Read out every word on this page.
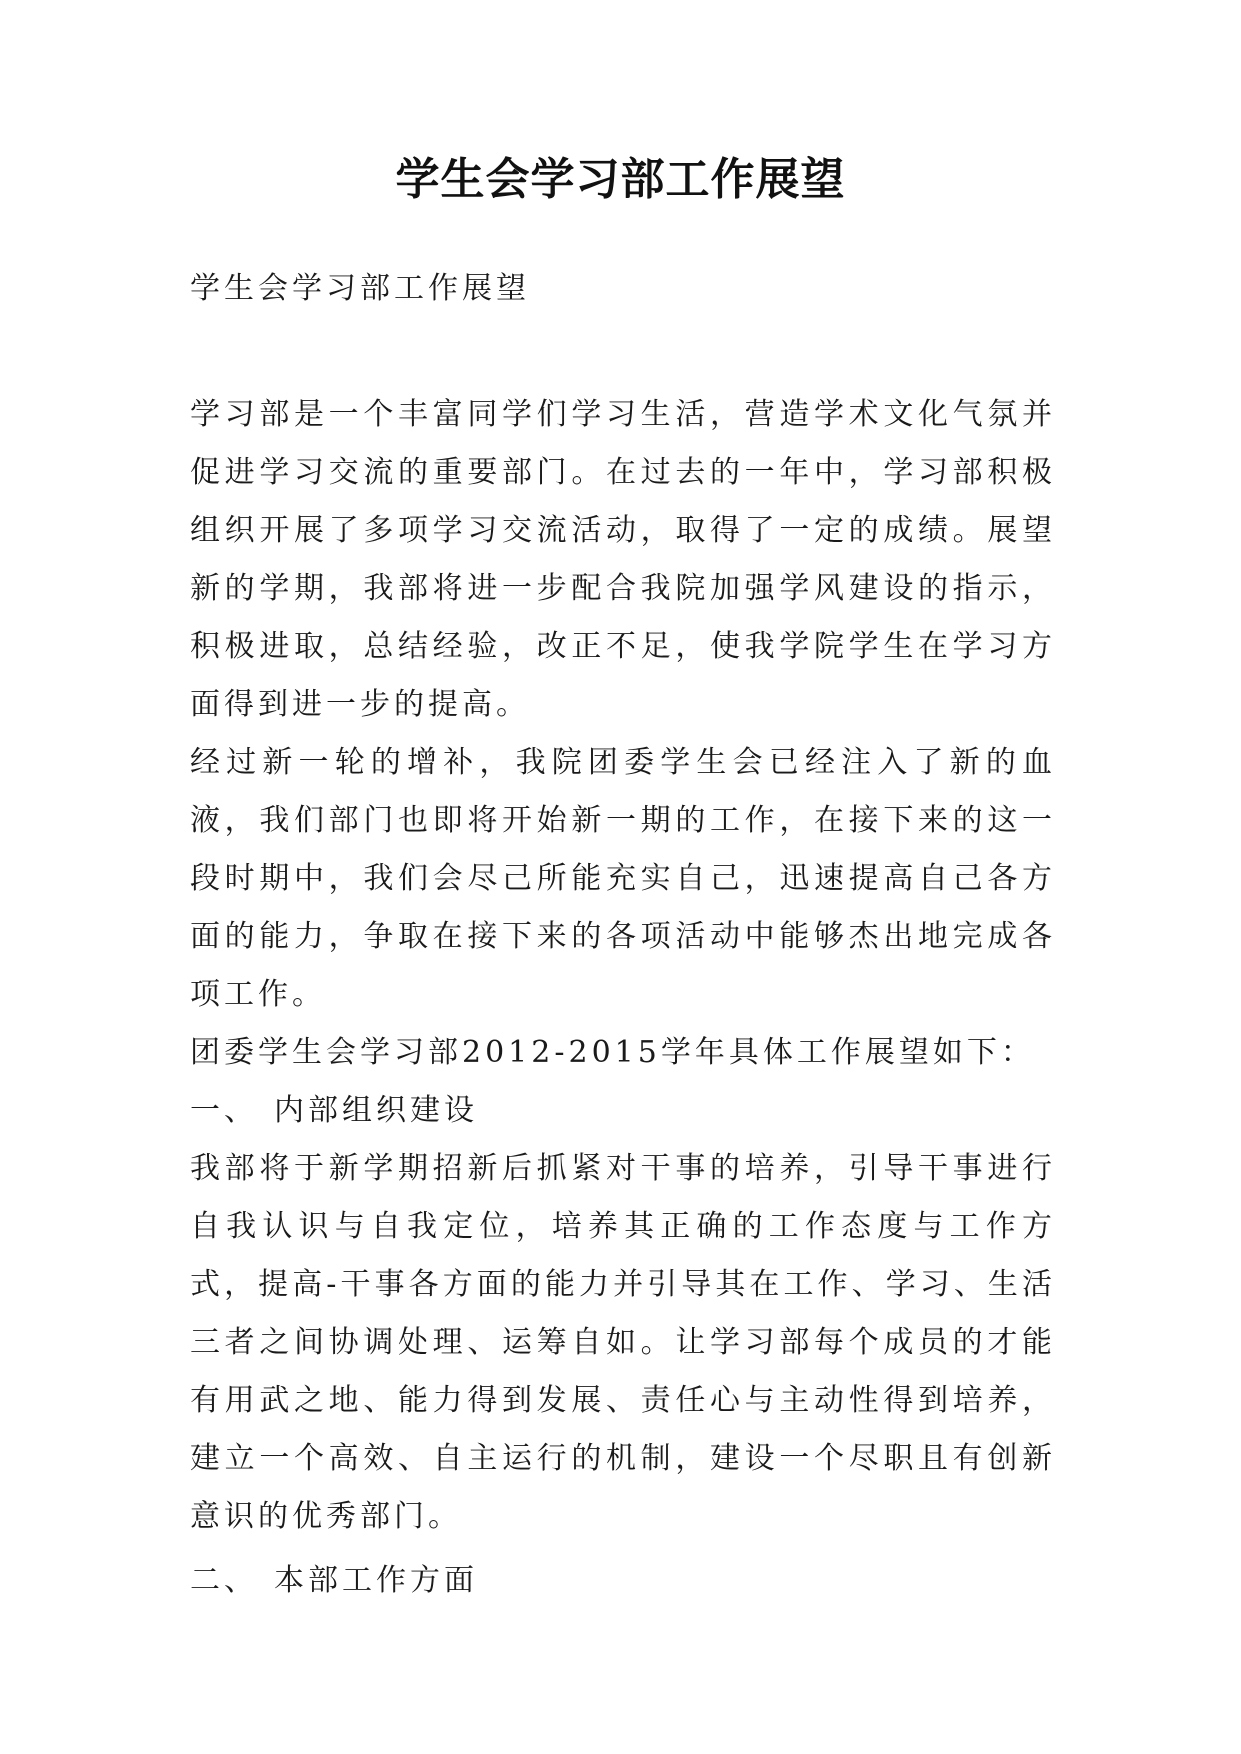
学生会学习部工作展望

学生会学习部工作展望

学习部是一个丰富同学们学习生活，营造学术文化气氛并促进学习交流的重要部门。在过去的一年中，学习部积极组织开展了多项学习交流活动，取得了一定的成绩。展望新的学期，我部将进一步配合我院加强学风建设的指示，积极进取，总结经验，改正不足，使我学院学生在学习方面得到进一步的提高。

经过新一轮的增补，我院团委学生会已经注入了新的血液，我们部门也即将开始新一期的工作，在接下来的这一段时期中，我们会尽己所能充实自己，迅速提高自己各方面的能力，争取在接下来的各项活动中能够杰出地完成各项工作。

团委学生会学习部2012-2015学年具体工作展望如下：

一、 内部组织建设

我部将于新学期招新后抓紧对干事的培养，引导干事进行自我认识与自我定位，培养其正确的工作态度与工作方式，提高-干事各方面的能力并引导其在工作、学习、生活三者之间协调处理、运筹自如。让学习部每个成员的才能有用武之地、能力得到发展、责任心与主动性得到培养，建立一个高效、自主运行的机制，建设一个尽职且有创新意识的优秀部门。

二、 本部工作方面
